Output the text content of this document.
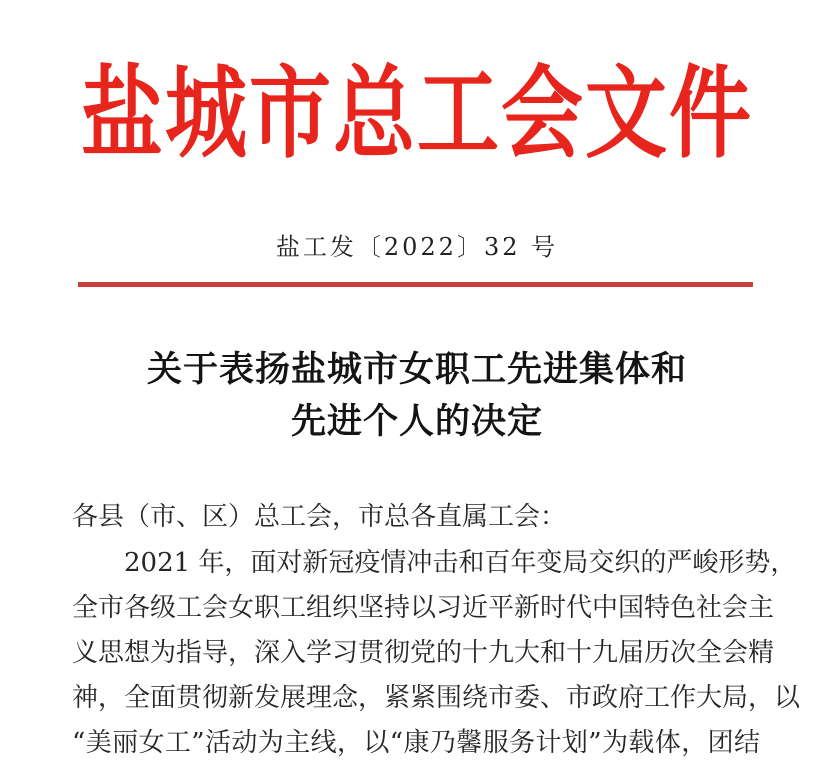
盐城市总工会文件
盐工发〔2022〕32 号
关于表扬盐城市女职工先进集体和
先进个人的决定
各县（市、区）总工会，市总各直属工会：
2021 年，面对新冠疫情冲击和百年变局交织的严峻形势，
全市各级工会女职工组织坚持以习近平新时代中国特色社会主
义思想为指导，深入学习贯彻党的十九大和十九届历次全会精
神，全面贯彻新发展理念，紧紧围绕市委、市政府工作大局，以
“美丽女工”活动为主线，以“康乃馨服务计划”为载体，团结
